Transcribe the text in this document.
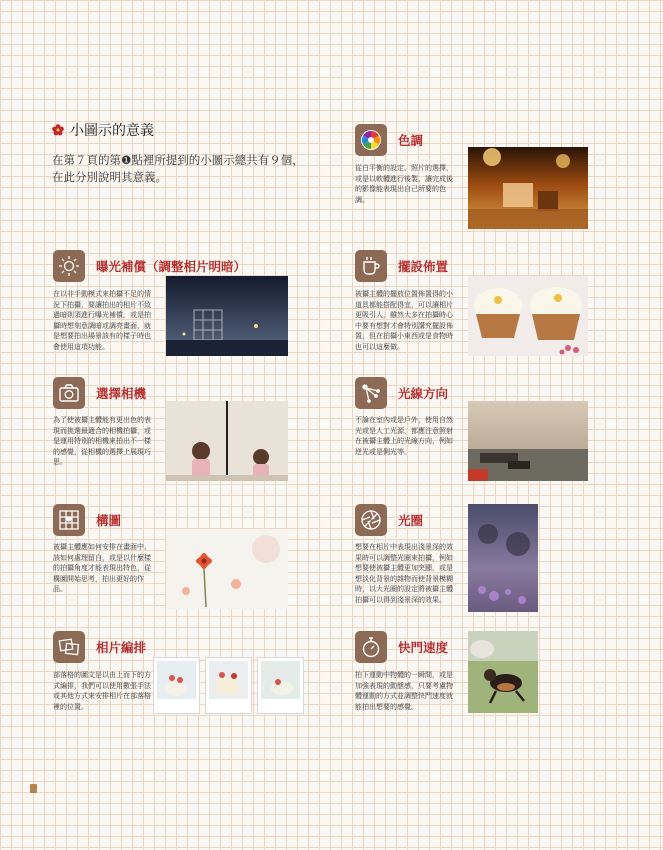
小圖示的意義
在第７頁的第❶點裡所提到的小圖示總共有９個，
在此分別說明其意義。
色調
從白平衡的設定、照片的選擇，或是以軟體進行後製，讓完成後的影像能表現出自己所要的色調。
曝光補償（調整相片明暗）
在以非手動模式來拍攝不足的情況下拍攝，要讓拍出的相片不致過暗則須進行曝光補償，或是拍攝時想刻意調暗或調亮畫面，就是想要拍出場景該有的樣子時也會使用這項功能。
擺設佈置
被攝主體的擺放位置佈置得的小道具都能搭配得宜，可以讓相片更吸引人，雖然大多在拍攝時心中要有想對才會特別講究擺設佈置，但在拍攝小東西或是食物時也可以這麼做。
選擇相機
為了使被攝主體能有更出色的表現而挑選最適合的相機拍攝，或是運用特別的相機來拍出不一樣的感覺，從相機的選擇上展現巧思。
光線方向
不論在室內或是戶外，使用自然光或是人工光源，都應注意照射在被攝主體上的光線方向，例如逆光或是側光等。
構圖
被攝主體應如何安排在畫面中、該如何處理留白，或是以什麼樣的拍攝角度才能表現出特色，從構圖開始思考，拍出更好的作品。
光圈
想要在相片中表現出淺景深的效果時可以調整光圈來拍攝，例如想要使被攝主體更加突顯，或是想淡化背景的雜物而使背景模糊時，以大光圈的設定將被攝主體拍攝可以得到淺景深的效果。
相片編排
部落格的圖文是以由上而下的方式編排，我們可以使用數張手法或其他方式來安排相片在部落格裡的位置。
快門速度
拍下運動中物體的一瞬間，或是加強表現的動態感，只要考慮物體運動的方式並調整快門速度就能拍出想要的感覺。
